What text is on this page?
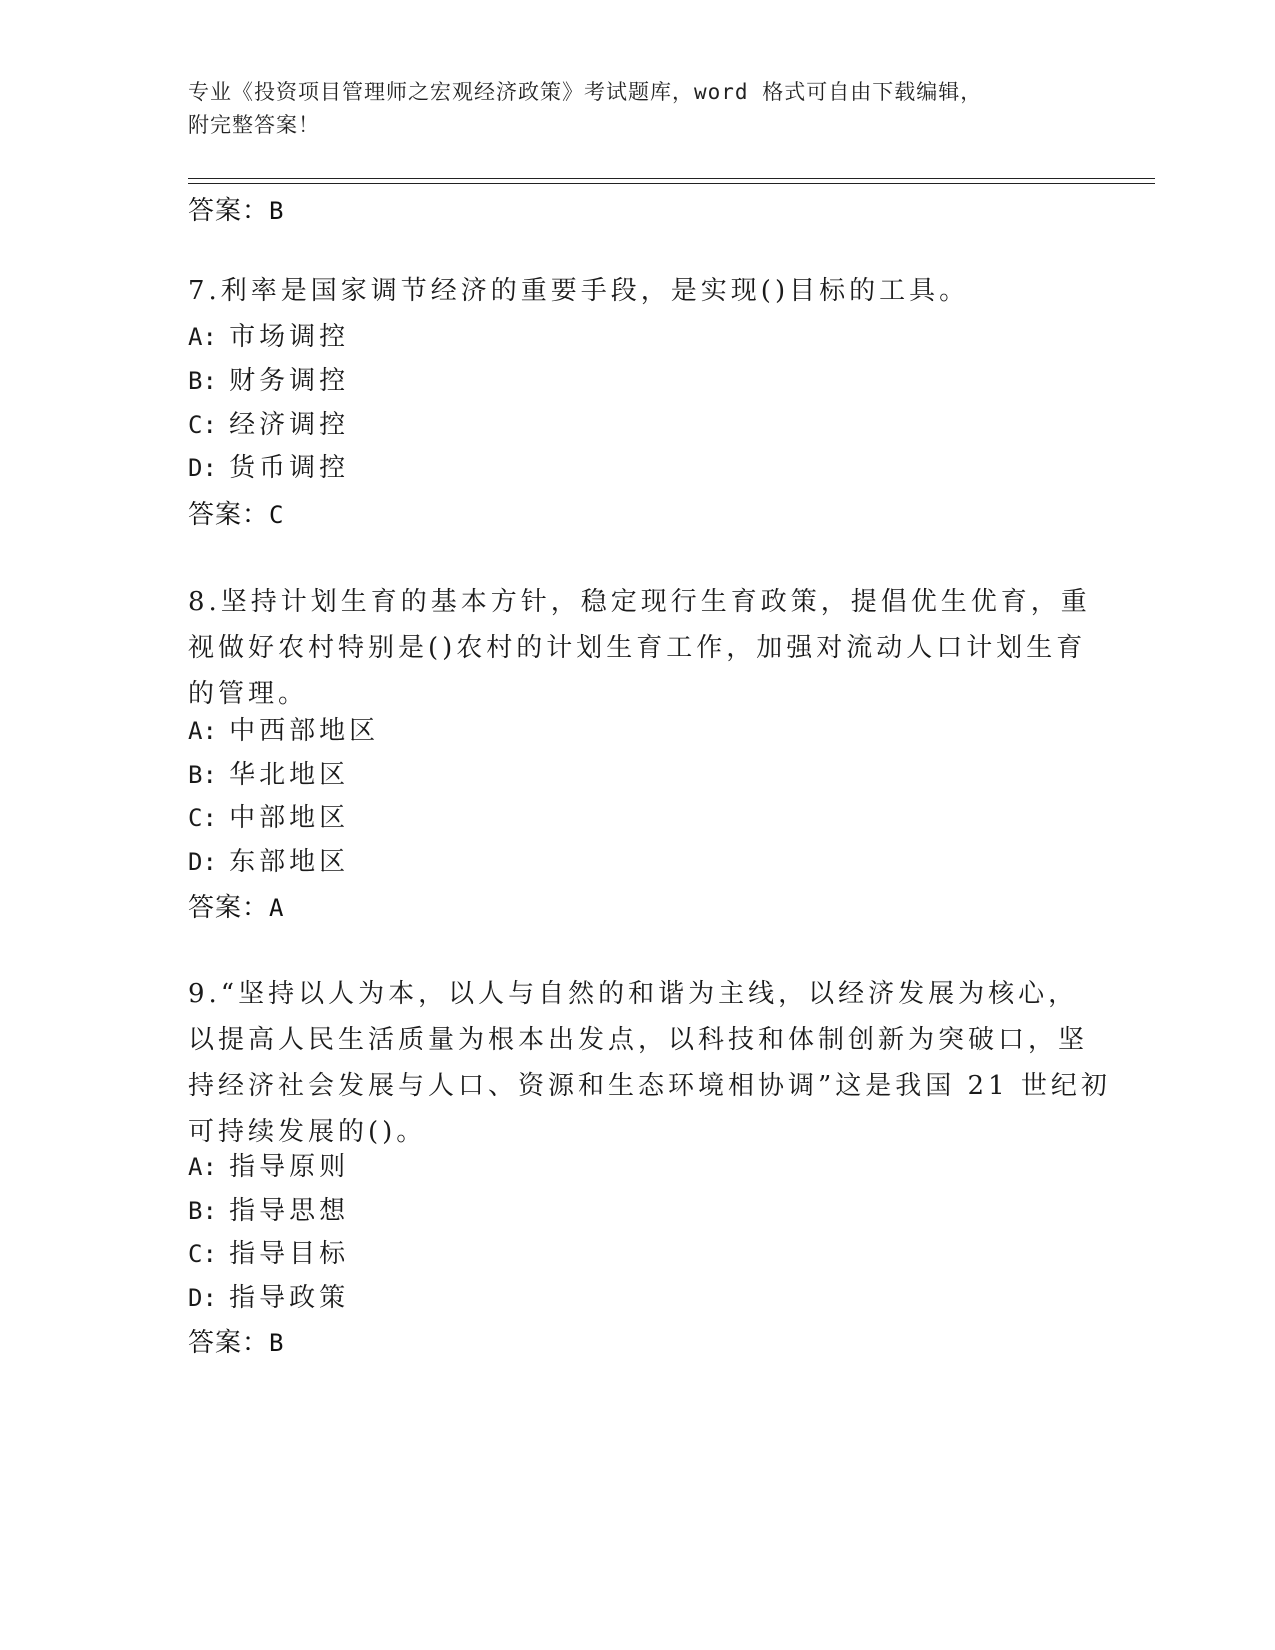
专业《投资项目管理师之宏观经济政策》考试题库，word 格式可自由下载编辑，
附完整答案！
答案：B
7.利率是国家调节经济的重要手段，是实现()目标的工具。
A: 市场调控
B: 财务调控
C: 经济调控
D: 货币调控
答案：C
8.坚持计划生育的基本方针，稳定现行生育政策，提倡优生优育，重
视做好农村特别是()农村的计划生育工作，加强对流动人口计划生育
的管理。
A: 中西部地区
B: 华北地区
C: 中部地区
D: 东部地区
答案：A
9.“坚持以人为本，以人与自然的和谐为主线，以经济发展为核心，
以提高人民生活质量为根本出发点，以科技和体制创新为突破口，坚
持经济社会发展与人口、资源和生态环境相协调”这是我国 21 世纪初
可持续发展的()。
A: 指导原则
B: 指导思想
C: 指导目标
D: 指导政策
答案：B
